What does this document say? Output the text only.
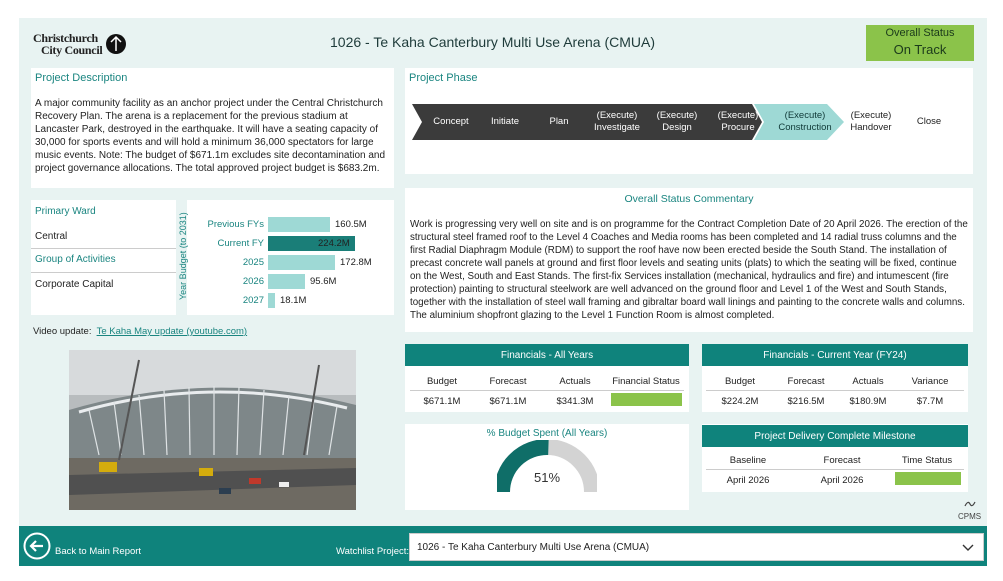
Christchurch
City Council	1026 - Te Kaha Canterbury Multi Use Arena (CMUA)
Overall Status
On Track
Project Description
A major community facility as an anchor project under the Central Christchurch Recovery Plan. The arena is a replacement for the previous stadium at Lancaster Park, destroyed in the earthquake. It will have a seating capacity of 30,000 for sports events and will hold a minimum 36,000 spectators for large music events. Note: The budget of $671.1m excludes site decontamination and project governance allocations. The total approved project budget is $683.2m.
Primary Ward
Central
Group of Activities
Corporate Capital	Year Budget (to 2031)	Previous FYs	160.5M
Current FY	224.2M
2025	172.8M
2026	95.6M
2027 18.1M
Video update: Te Kaha May update (youtube.com)
Project Phase
Concept	Initiate	Plan
(Execute)
Investigate
(Execute)
Design
(Execute)
Procure
(Execute)
Construction
(Execute)
Handover
Close
Overall Status Commentary
Work is progressing very well on site and is on programme for the Contract Completion Date of 20 April 2026. The erection of the structural steel framed roof to the Level 4 Coaches and Media rooms has been completed and 14 radial truss columns and the first Radial Diaphragm Module (RDM) to support the roof have now been erected beside the South Stand. The installation of precast concrete wall panels at ground and first floor levels and seating units (plats) to which the seating will be fixed, continue on the West, South and East Stands. The first-fix Services installation (mechanical, hydraulics and fire) and intumescent (fire protection) painting to structural steelwork are well advanced on the ground floor and Level 1 of the West and South Stands, together with the installation of steel wall framing and gibraltar board wall linings and painting to the concrete walls and columns. The aluminium shopfront glazing to the Level 1 Function Room is almost completed.
Financials - All Years
Budget	Forecast	Actuals	Financial Status
$671.1M	$671.1M	$341.3M
Financials - Current Year (FY24)
Budget	Forecast	Actuals	Variance
$224.2M	$216.5M	$180.9M	$7.7M
% Budget Spent (All Years)
51%
Project Delivery Complete Milestone
Baseline	Forecast	Time Status
April 2026	April 2026
CPMS
Back to Main Report	Watchlist Project: 1026 - Te Kaha Canterbury Multi Use Arena (CMUA)
